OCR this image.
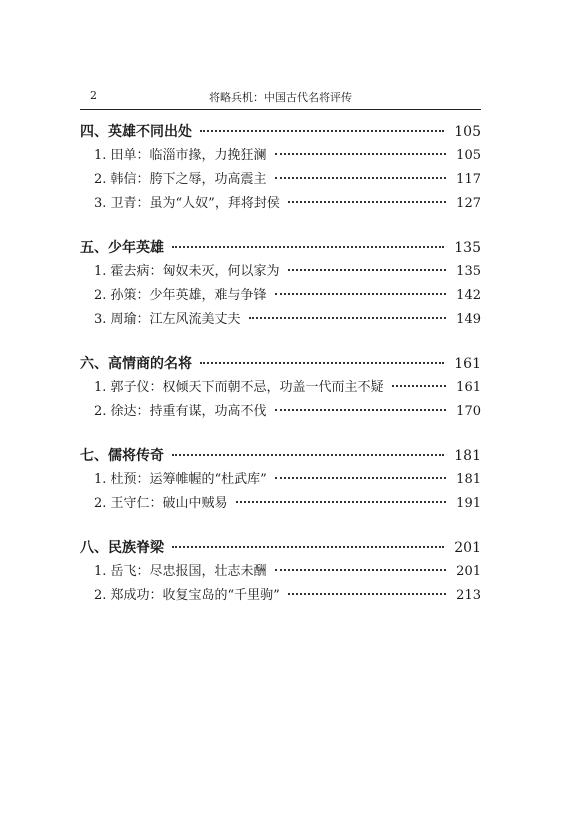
2	将略兵机：中国古代名将评传
四、英雄不同出处	105
1. 田单：临淄市掾，力挽狂澜	105
2. 韩信：胯下之辱，功高震主	117
3. 卫青：虽为“人奴”，拜将封侯	127
五、少年英雄	135
1. 霍去病：匈奴未灭，何以家为	135
2. 孙策：少年英雄，难与争锋	142
3. 周瑜：江左风流美丈夫	149
六、高情商的名将	161
1. 郭子仪：权倾天下而朝不忌，功盖一代而主不疑	161
2. 徐达：持重有谋，功高不伐	170
七、儒将传奇	181
1. 杜预：运筹帷幄的“杜武库”	181
2. 王守仁：破山中贼易	191
八、民族脊梁	201
1. 岳飞：尽忠报国，壮志未酬	201
2. 郑成功：收复宝岛的“千里驹”	213
